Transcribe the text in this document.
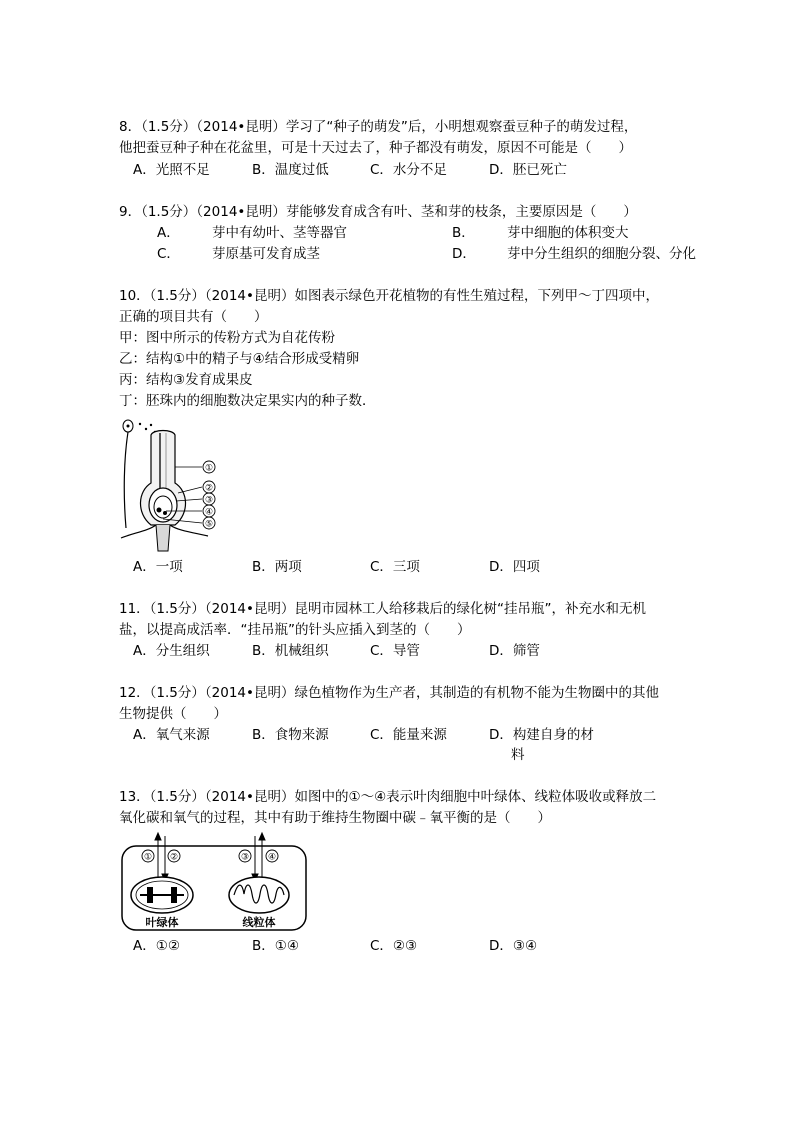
8．（1.5分）（2014•昆明）学习了“种子的萌发”后，小明想观察蚕豆种子的萌发过程，
他把蚕豆种子种在花盆里，可是十天过去了，种子都没有萌发，原因不可能是（　　）
A．光照不足	B．温度过低	C．水分不足	D．胚已死亡
9．（1.5分）（2014•昆明）芽能够发育成含有叶、茎和芽的枝条，主要原因是（　　）
A． 芽中有幼叶、茎等器官	B． 芽中细胞的体积变大
C． 芽原基可发育成茎	D． 芽中分生组织的细胞分裂、分化
10．（1.5分）（2014•昆明）如图表示绿色开花植物的有性生殖过程，下列甲～丁四项中，
正确的项目共有（　　）
甲：图中所示的传粉方式为自花传粉
乙：结构①中的精子与④结合形成受精卵
丙：结构③发育成果皮
丁：胚珠内的细胞数决定果实内的种子数．
①
②
③
④
⑤
A．一项	B．两项	C．三项	D．四项
11．（1.5分）（2014•昆明）昆明市园林工人给移栽后的绿化树“挂吊瓶”，补充水和无机
盐，以提高成活率．“挂吊瓶”的针头应插入到茎的（　　）
A．分生组织	B．机械组织	C．导管	D．筛管
12．（1.5分）（2014•昆明）绿色植物作为生产者，其制造的有机物不能为生物圈中的其他
生物提供（　　）
A．氧气来源	B．食物来源	C．能量来源	D．构建自身的材
料
13．（1.5分）（2014•昆明）如图中的①～④表示叶肉细胞中叶绿体、线粒体吸收或释放二
氧化碳和氧气的过程，其中有助于维持生物圈中碳﹣氧平衡的是（　　）
① ②	③ ④
叶绿体	线粒体
A．①②	B．①④	C．②③	D．③④
